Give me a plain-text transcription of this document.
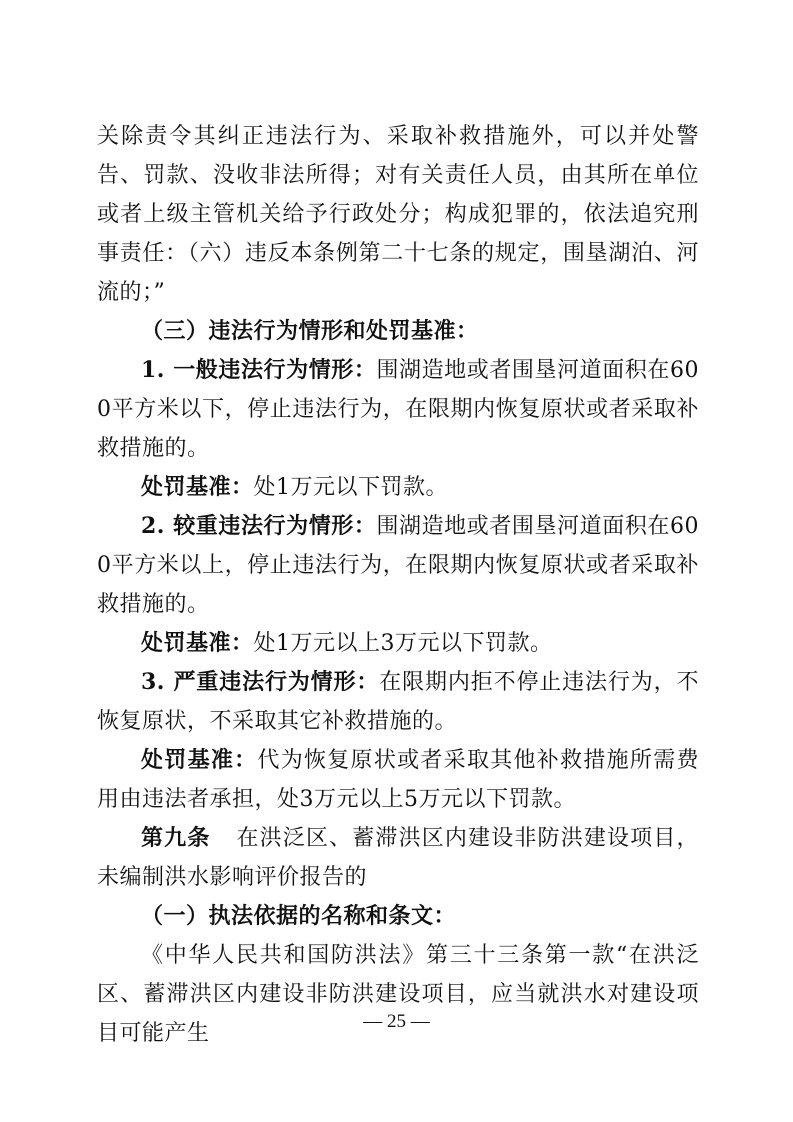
关除责令其纠正违法行为、采取补救措施外，可以并处警告、罚款、没收非法所得；对有关责任人员，由其所在单位或者上级主管机关给予行政处分；构成犯罪的，依法追究刑事责任：（六）违反本条例第二十七条的规定，围垦湖泊、河流的；”

（三）违法行为情形和处罚基准：

1. 一般违法行为情形：围湖造地或者围垦河道面积在600平方米以下，停止违法行为，在限期内恢复原状或者采取补救措施的。

处罚基准：处1万元以下罚款。

2. 较重违法行为情形：围湖造地或者围垦河道面积在600平方米以上，停止违法行为，在限期内恢复原状或者采取补救措施的。

处罚基准：处1万元以上3万元以下罚款。

3. 严重违法行为情形：在限期内拒不停止违法行为，不恢复原状，不采取其它补救措施的。

处罚基准：代为恢复原状或者采取其他补救措施所需费用由违法者承担，处3万元以上5万元以下罚款。

第九条 在洪泛区、蓄滞洪区内建设非防洪建设项目，未编制洪水影响评价报告的

（一）执法依据的名称和条文：

《中华人民共和国防洪法》第三十三条第一款“在洪泛区、蓄滞洪区内建设非防洪建设项目，应当就洪水对建设项目可能产生	— 25 —
